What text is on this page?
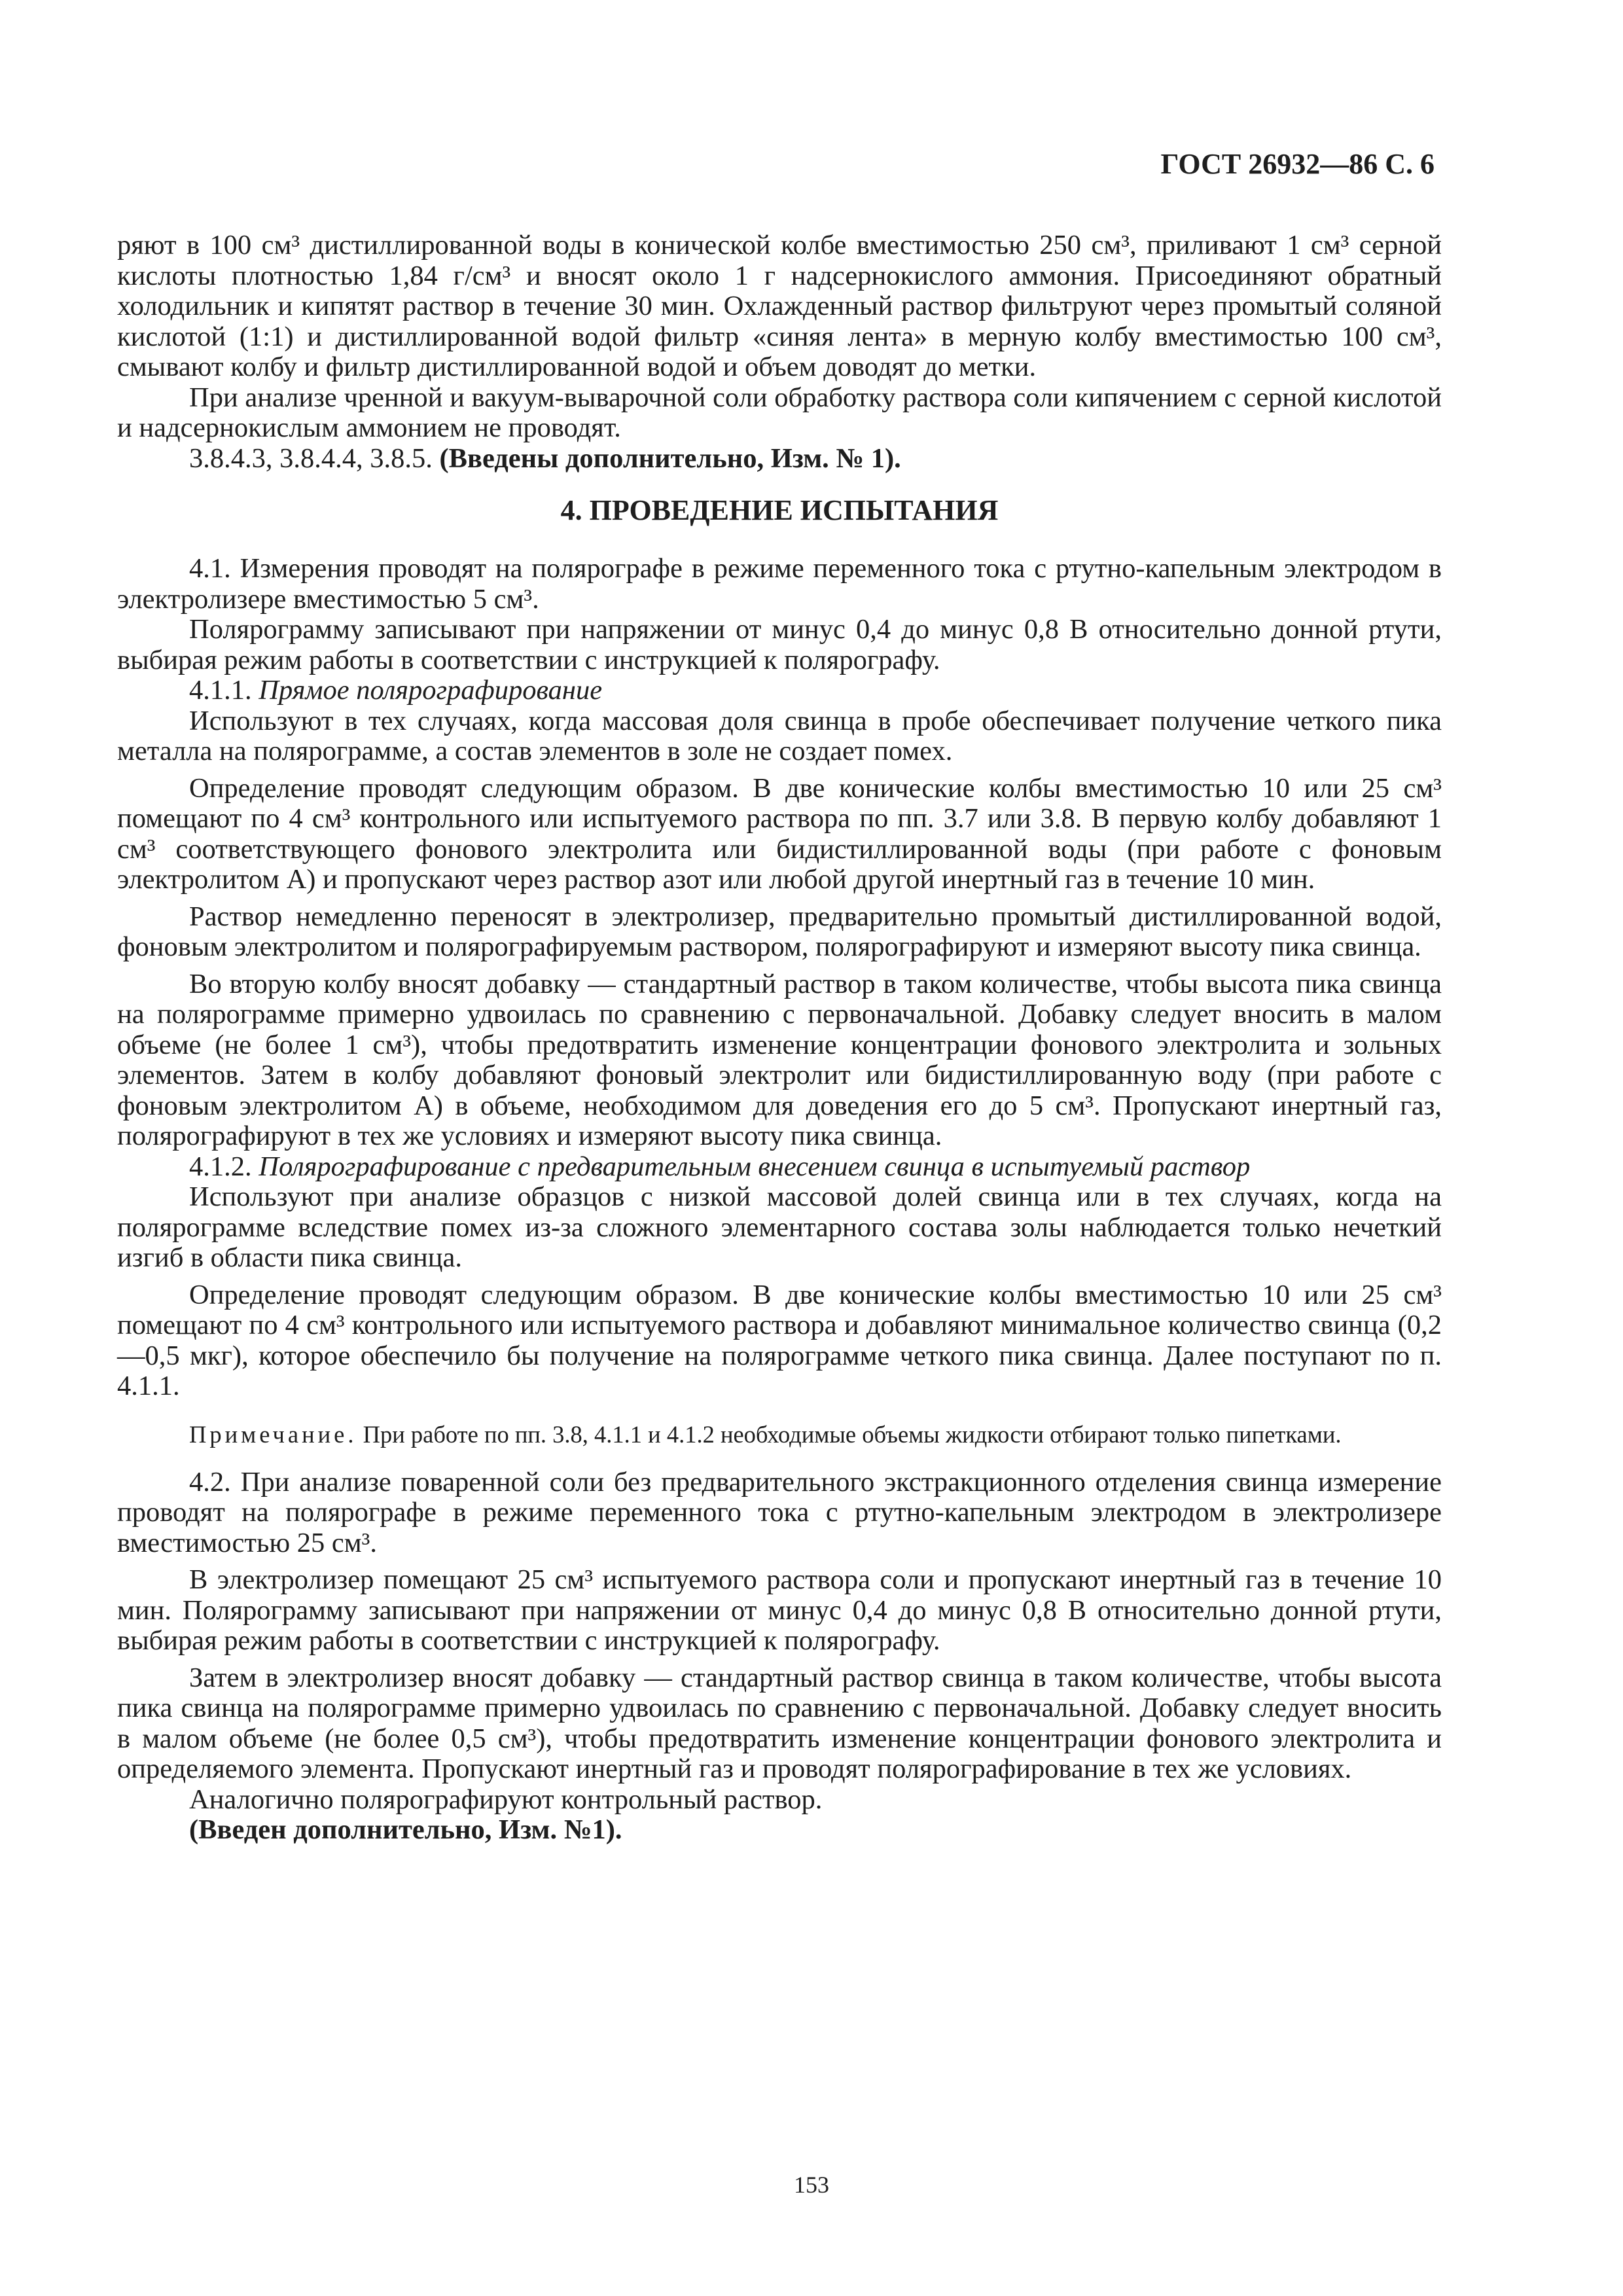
ГОСТ 26932—86 С. 6

ряют в 100 см³ дистиллированной воды в конической колбе вместимостью 250 см³, приливают 1 см³ серной кислоты плотностью 1,84 г/см³ и вносят около 1 г надсернокислого аммония. Присоединяют обратный холодильник и кипятят раствор в течение 30 мин. Охлажденный раствор фильтруют через промытый соляной кислотой (1:1) и дистиллированной водой фильтр «синяя лента» в мерную колбу вместимостью 100 см³, смывают колбу и фильтр дистиллированной водой и объем доводят до метки.

При анализе чренной и вакуум-выварочной соли обработку раствора соли кипячением с серной кислотой и надсернокислым аммонием не проводят.

3.8.4.3, 3.8.4.4, 3.8.5. (Введены дополнительно, Изм. № 1).

4. ПРОВЕДЕНИЕ ИСПЫТАНИЯ

4.1. Измерения проводят на полярографе в режиме переменного тока с ртутно-капельным электродом в электролизере вместимостью 5 см³.

Полярограмму записывают при напряжении от минус 0,4 до минус 0,8 В относительно донной ртути, выбирая режим работы в соответствии с инструкцией к полярографу.

4.1.1. Прямое полярографирование

Используют в тех случаях, когда массовая доля свинца в пробе обеспечивает получение четкого пика металла на полярограмме, а состав элементов в золе не создает помех.

Определение проводят следующим образом. В две конические колбы вместимостью 10 или 25 см³ помещают по 4 см³ контрольного или испытуемого раствора по пп. 3.7 или 3.8. В первую колбу добавляют 1 см³ соответствующего фонового электролита или бидистиллированной воды (при работе с фоновым электролитом А) и пропускают через раствор азот или любой другой инертный газ в течение 10 мин.

Раствор немедленно переносят в электролизер, предварительно промытый дистиллированной водой, фоновым электролитом и полярографируемым раствором, полярографируют и измеряют высоту пика свинца.

Во вторую колбу вносят добавку — стандартный раствор в таком количестве, чтобы высота пика свинца на полярограмме примерно удвоилась по сравнению с первоначальной. Добавку следует вносить в малом объеме (не более 1 см³), чтобы предотвратить изменение концентрации фонового электролита и зольных элементов. Затем в колбу добавляют фоновый электролит или бидистиллированную воду (при работе с фоновым электролитом А) в объеме, необходимом для доведения его до 5 см³. Пропускают инертный газ, полярографируют в тех же условиях и измеряют высоту пика свинца.

4.1.2. Полярографирование с предварительным внесением свинца в испытуемый раствор

Используют при анализе образцов с низкой массовой долей свинца или в тех случаях, когда на полярограмме вследствие помех из-за сложного элементарного состава золы наблюдается только нечеткий изгиб в области пика свинца.

Определение проводят следующим образом. В две конические колбы вместимостью 10 или 25 см³ помещают по 4 см³ контрольного или испытуемого раствора и добавляют минимальное количество свинца (0,2—0,5 мкг), которое обеспечило бы получение на полярограмме четкого пика свинца. Далее поступают по п. 4.1.1.

Примечание. При работе по пп. 3.8, 4.1.1 и 4.1.2 необходимые объемы жидкости отбирают только пипетками.

4.2. При анализе поваренной соли без предварительного экстракционного отделения свинца измерение проводят на полярографе в режиме переменного тока с ртутно-капельным электродом в электролизере вместимостью 25 см³.

В электролизер помещают 25 см³ испытуемого раствора соли и пропускают инертный газ в течение 10 мин. Полярограмму записывают при напряжении от минус 0,4 до минус 0,8 В относительно донной ртути, выбирая режим работы в соответствии с инструкцией к полярографу.

Затем в электролизер вносят добавку — стандартный раствор свинца в таком количестве, чтобы высота пика свинца на полярограмме примерно удвоилась по сравнению с первоначальной. Добавку следует вносить в малом объеме (не более 0,5 см³), чтобы предотвратить изменение концентрации фонового электролита и определяемого элемента. Пропускают инертный газ и проводят полярографирование в тех же условиях.

Аналогично полярографируют контрольный раствор.

(Введен дополнительно, Изм. №1).

153
